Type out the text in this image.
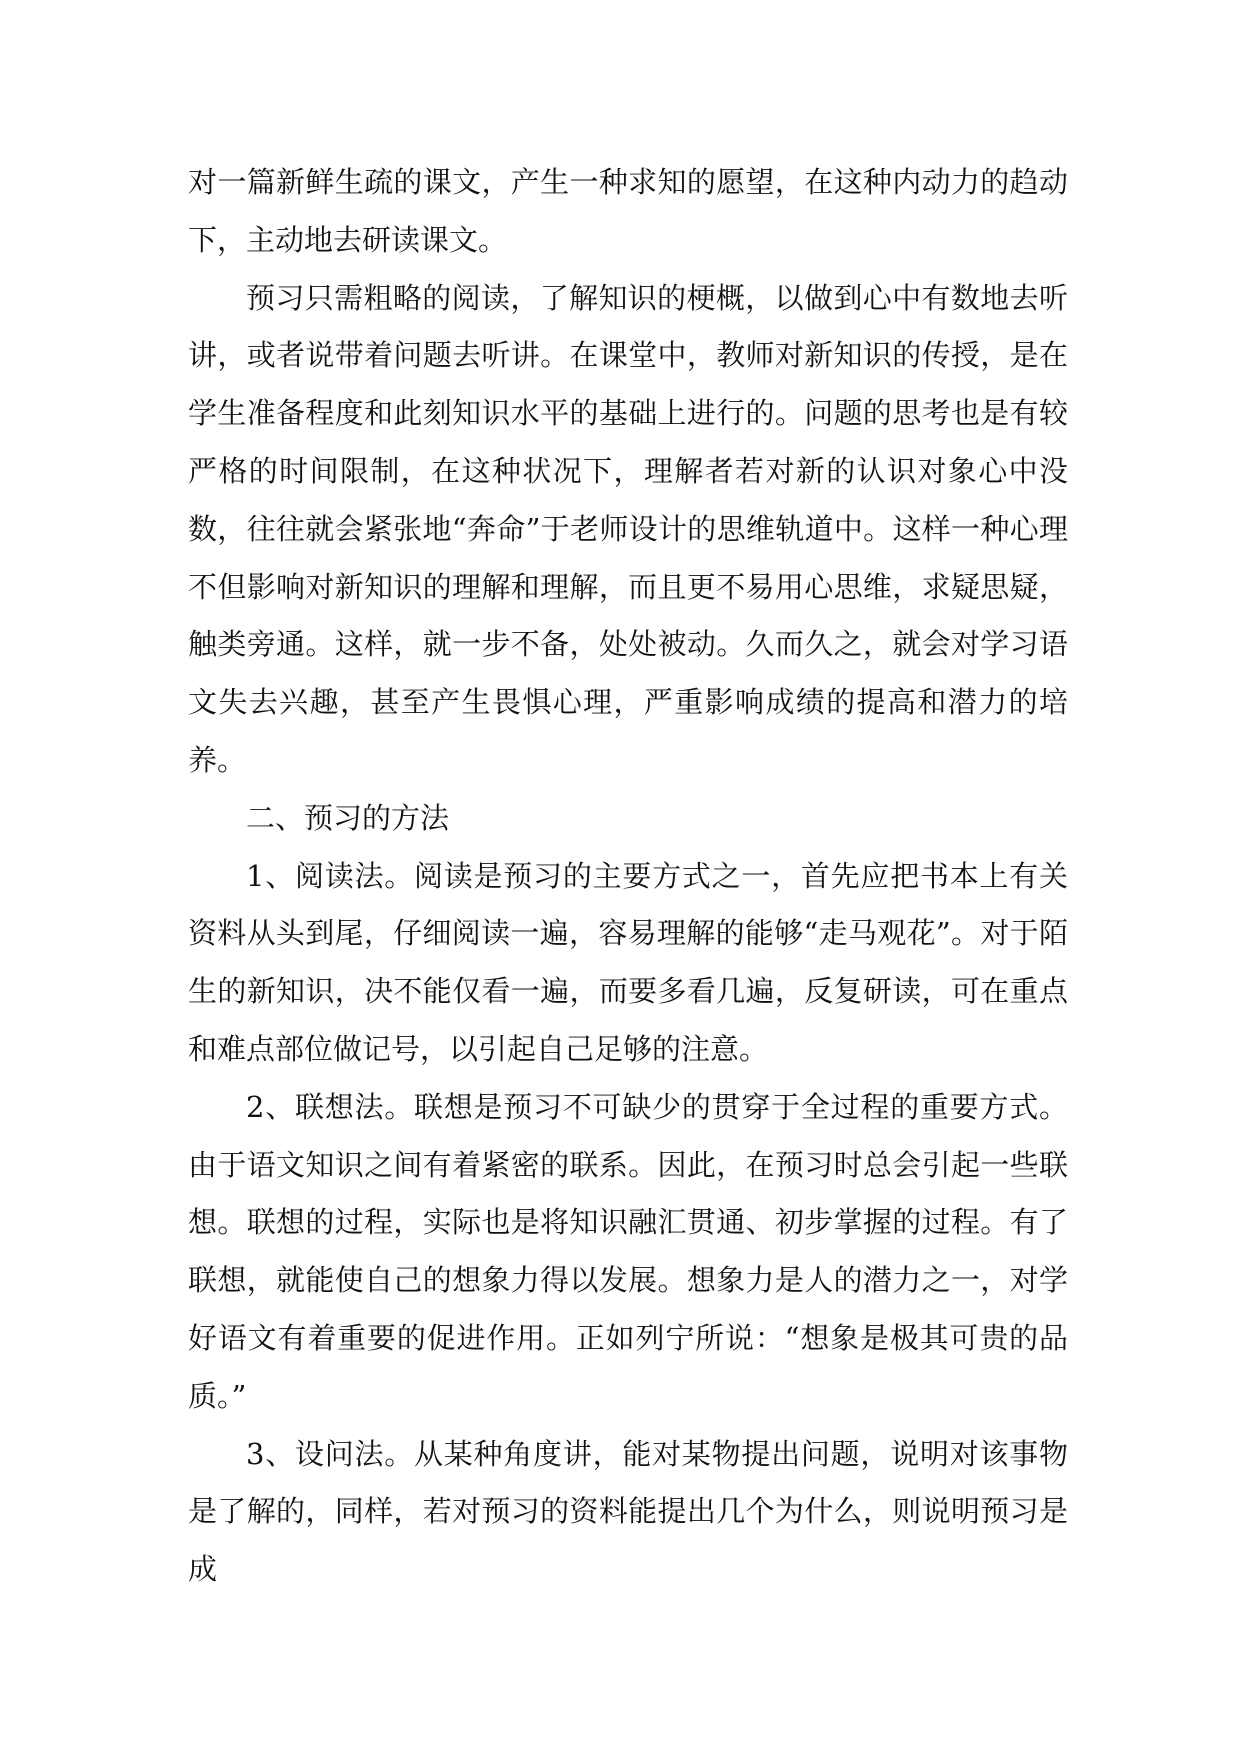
对一篇新鲜生疏的课文，产生一种求知的愿望，在这种内动力的趋动下，主动地去研读课文。

预习只需粗略的阅读，了解知识的梗概，以做到心中有数地去听讲，或者说带着问题去听讲。在课堂中，教师对新知识的传授，是在学生准备程度和此刻知识水平的基础上进行的。问题的思考也是有较严格的时间限制，在这种状况下，理解者若对新的认识对象心中没数，往往就会紧张地“奔命”于老师设计的思维轨道中。这样一种心理不但影响对新知识的理解和理解，而且更不易用心思维，求疑思疑，触类旁通。这样，就一步不备，处处被动。久而久之，就会对学习语文失去兴趣，甚至产生畏惧心理，严重影响成绩的提高和潜力的培养。

二、预习的方法

1、阅读法。阅读是预习的主要方式之一，首先应把书本上有关资料从头到尾，仔细阅读一遍，容易理解的能够“走马观花”。对于陌生的新知识，决不能仅看一遍，而要多看几遍，反复研读，可在重点和难点部位做记号，以引起自己足够的注意。

2、联想法。联想是预习不可缺少的贯穿于全过程的重要方式。由于语文知识之间有着紧密的联系。因此，在预习时总会引起一些联想。联想的过程，实际也是将知识融汇贯通、初步掌握的过程。有了联想，就能使自己的想象力得以发展。想象力是人的潜力之一，对学好语文有着重要的促进作用。正如列宁所说：“想象是极其可贵的品质。”

3、设问法。从某种角度讲，能对某物提出问题，说明对该事物是了解的，同样，若对预习的资料能提出几个为什么，则说明预习是成
